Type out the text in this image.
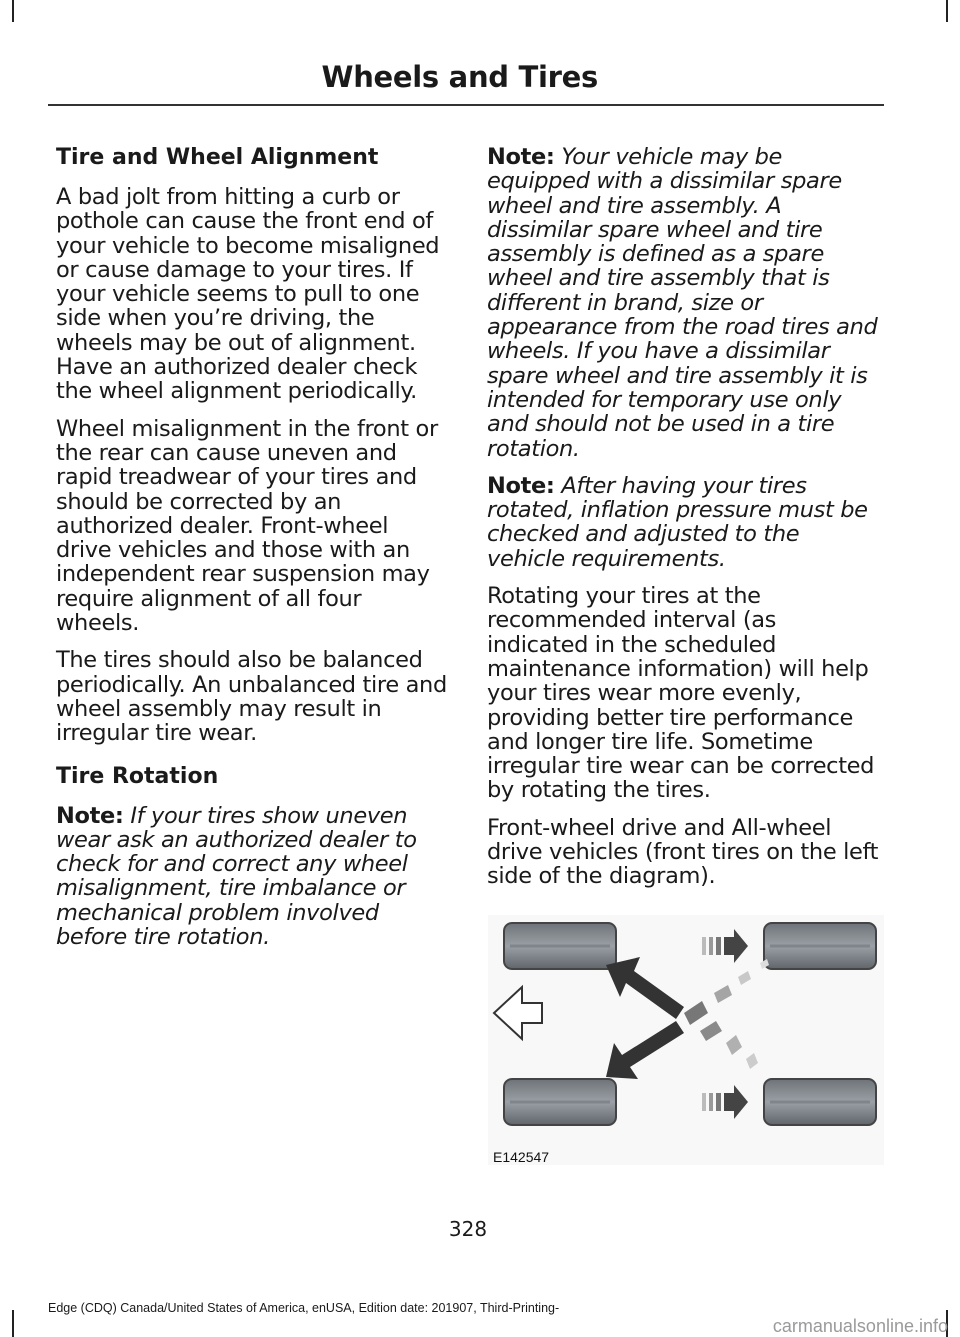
Wheels and Tires
Tire and Wheel Alignment
A bad jolt from hitting a curb or pothole can cause the front end of your vehicle to become misaligned or cause damage to your tires. If your vehicle seems to pull to one side when you’re driving, the wheels may be out of alignment. Have an authorized dealer check the wheel alignment periodically.
Wheel misalignment in the front or the rear can cause uneven and rapid treadwear of your tires and should be corrected by an authorized dealer. Front-wheel drive vehicles and those with an independent rear suspension may require alignment of all four wheels.
The tires should also be balanced periodically. An unbalanced tire and wheel assembly may result in irregular tire wear.
Tire Rotation
Note: If your tires show uneven wear ask an authorized dealer to check for and correct any wheel misalignment, tire imbalance or mechanical problem involved before tire rotation.
Note: Your vehicle may be equipped with a dissimilar spare wheel and tire assembly. A dissimilar spare wheel and tire assembly is defined as a spare wheel and tire assembly that is different in brand, size or appearance from the road tires and wheels. If you have a dissimilar spare wheel and tire assembly it is intended for temporary use only and should not be used in a tire rotation.
Note: After having your tires rotated, inflation pressure must be checked and adjusted to the vehicle requirements.
Rotating your tires at the recommended interval (as indicated in the scheduled maintenance information) will help your tires wear more evenly, providing better tire performance and longer tire life. Sometime irregular tire wear can be corrected by rotating the tires.
Front-wheel drive and All-wheel drive vehicles (front tires on the left side of the diagram).
E142547
328
Edge (CDQ) Canada/United States of America, enUSA, Edition date: 201907, Third-Printing-
carmanualsonline.info
